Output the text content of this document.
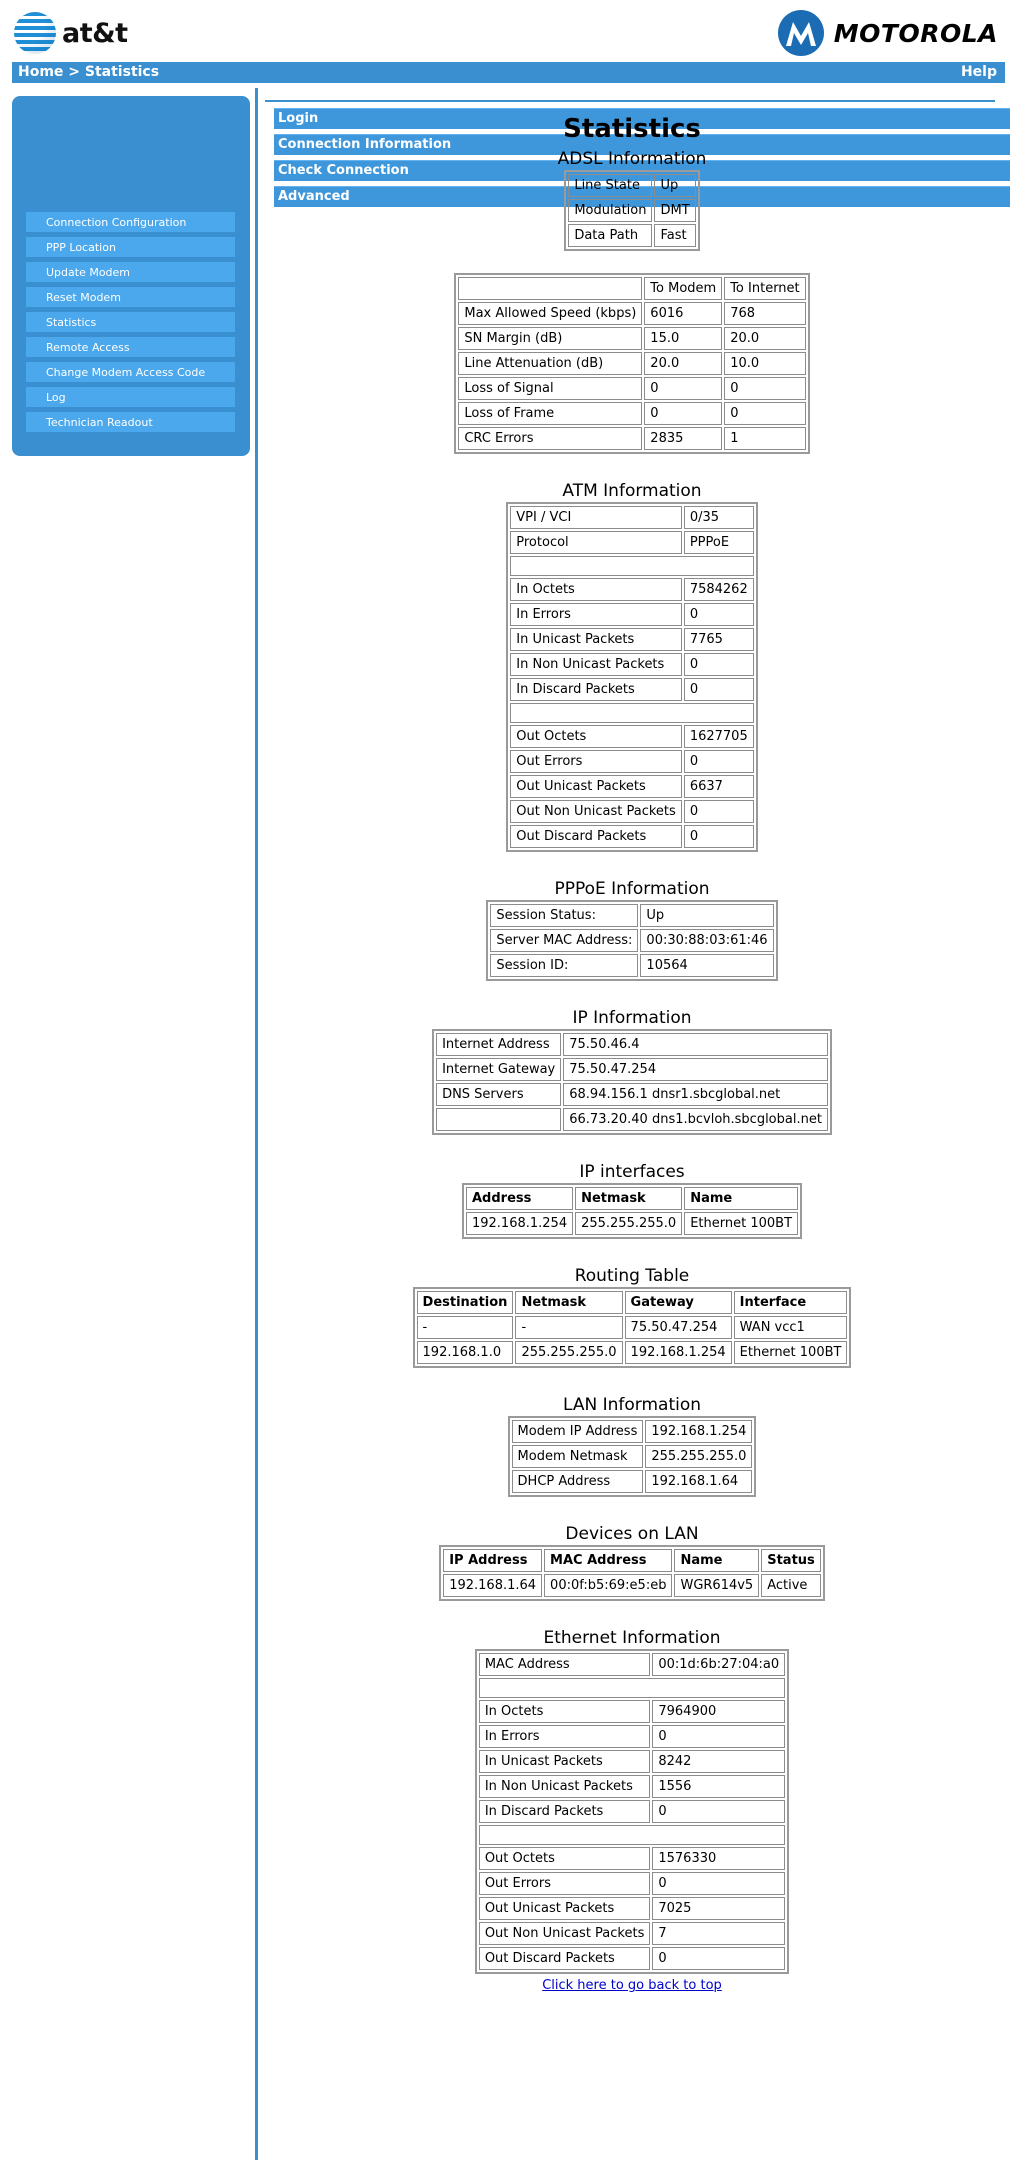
at&t	MOTOROLA
Home > Statistics	Help
Login
Connection Information
Check Connection
Advanced
Connection Configuration
PPP Location
Update Modem
Reset Modem
Statistics
Remote Access
Change Modem Access Code
Log
Technician Readout
Statistics
ADSL Information
Line State	Up
Modulation	DMT
Data Path	Fast
	To Modem	To Internet
Max Allowed Speed (kbps)	6016	768
SN Margin (dB)	15.0	20.0
Line Attenuation (dB)	20.0	10.0
Loss of Signal	0	0
Loss of Frame	0	0
CRC Errors	2835	1
ATM Information
VPI / VCI	0/35
Protocol	PPPoE

In Octets	7584262
In Errors	0
In Unicast Packets	7765
In Non Unicast Packets	0
In Discard Packets	0

Out Octets	1627705
Out Errors	0
Out Unicast Packets	6637
Out Non Unicast Packets	0
Out Discard Packets	0
PPPoE Information
Session Status:	Up
Server MAC Address:	00:30:88:03:61:46
Session ID:	10564
IP Information
Internet Address	75.50.46.4
Internet Gateway	75.50.47.254
DNS Servers	68.94.156.1 dnsr1.sbcglobal.net
	66.73.20.40 dns1.bcvloh.sbcglobal.net
IP interfaces
Address	Netmask	Name
192.168.1.254	255.255.255.0	Ethernet 100BT
Routing Table
Destination	Netmask	Gateway	Interface
-	-	75.50.47.254	WAN vcc1
192.168.1.0	255.255.255.0	192.168.1.254	Ethernet 100BT
LAN Information
Modem IP Address	192.168.1.254
Modem Netmask	255.255.255.0
DHCP Address	192.168.1.64
Devices on LAN
IP Address	MAC Address	Name	Status
192.168.1.64	00:0f:b5:69:e5:eb	WGR614v5	Active
Ethernet Information
MAC Address	00:1d:6b:27:04:a0

In Octets	7964900
In Errors	0
In Unicast Packets	8242
In Non Unicast Packets	1556
In Discard Packets	0

Out Octets	1576330
Out Errors	0
Out Unicast Packets	7025
Out Non Unicast Packets	7
Out Discard Packets	0
Click here to go back to top
